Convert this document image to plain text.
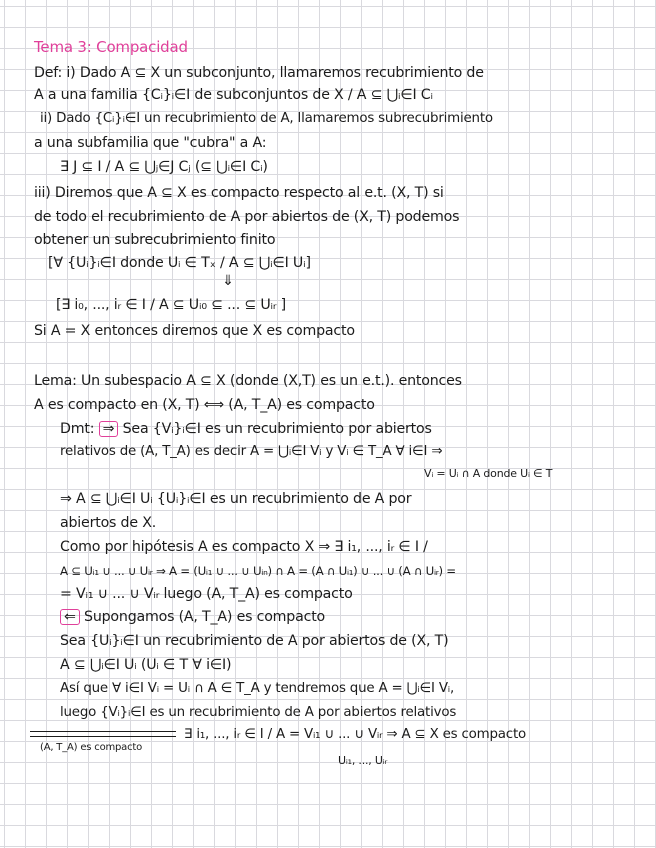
Tema 3: Compacidad
Def: i) Dado A ⊆ X un subconjunto, llamaremos recubrimiento de
A a una familia {Cᵢ}ᵢ∈I de subconjuntos de X / A ⊆ ⋃ᵢ∈I Cᵢ
ii) Dado {Cᵢ}ᵢ∈I un recubrimiento de A, llamaremos subrecubrimiento
a una subfamilia que "cubra" a A:
∃ J ⊆ I / A ⊆ ⋃ⱼ∈J Cⱼ (⊆ ⋃ᵢ∈I Cᵢ)
iii) Diremos que A ⊆ X es compacto respecto al e.t. (X, T) si
de todo el recubrimiento de A por abiertos de (X, T) podemos
obtener un subrecubrimiento finito
[∀ {Uᵢ}ᵢ∈I donde Uᵢ ∈ Tₓ / A ⊆ ⋃ᵢ∈I Uᵢ]
⇓
[∃ i₀, ..., iᵣ ∈ I / A ⊆ Uᵢ₀ ⊆ ... ⊆ Uᵢᵣ ]
Si A = X entonces diremos que X es compacto
Lema: Un subespacio A ⊆ X (donde (X,T) es un e.t.). entonces
A es compacto en (X, T) ⟺ (A, T_A) es compacto
Dmt: ⇒ Sea {Vᵢ}ᵢ∈I es un recubrimiento por abiertos
relativos de (A, T_A) es decir A = ⋃ᵢ∈I Vᵢ y Vᵢ ∈ T_A ∀ i∈I ⇒
Vᵢ = Uᵢ ∩ A donde Uᵢ ∈ T
⇒ A ⊆ ⋃ᵢ∈I Uᵢ {Uᵢ}ᵢ∈I es un recubrimiento de A por
abiertos de X.
Como por hipótesis A es compacto X ⇒ ∃ i₁, ..., iᵣ ∈ I /
A ⊆ Uᵢ₁ ∪ ... ∪ Uᵢᵣ ⇒ A = (Uᵢ₁ ∪ ... ∪ Uᵢₙ) ∩ A = (A ∩ Uᵢ₁) ∪ ... ∪ (A ∩ Uᵢᵣ) =
= Vᵢ₁ ∪ ... ∪ Vᵢᵣ luego (A, T_A) es compacto
⇐ Supongamos (A, T_A) es compacto
Sea {Uᵢ}ᵢ∈I un recubrimiento de A por abiertos de (X, T)
A ⊆ ⋃ᵢ∈I Uᵢ (Uᵢ ∈ T ∀ i∈I)
Así que ∀ i∈I Vᵢ = Uᵢ ∩ A ∈ T_A y tendremos que A = ⋃ᵢ∈I Vᵢ,
luego {Vᵢ}ᵢ∈I es un recubrimiento de A por abiertos relativos
(A, T_A) es compacto
∃ i₁, ..., iᵣ ∈ I / A = Vᵢ₁ ∪ ... ∪ Vᵢᵣ ⇒ A ⊆ X es compacto
Uᵢ₁, ..., Uᵢᵣ
